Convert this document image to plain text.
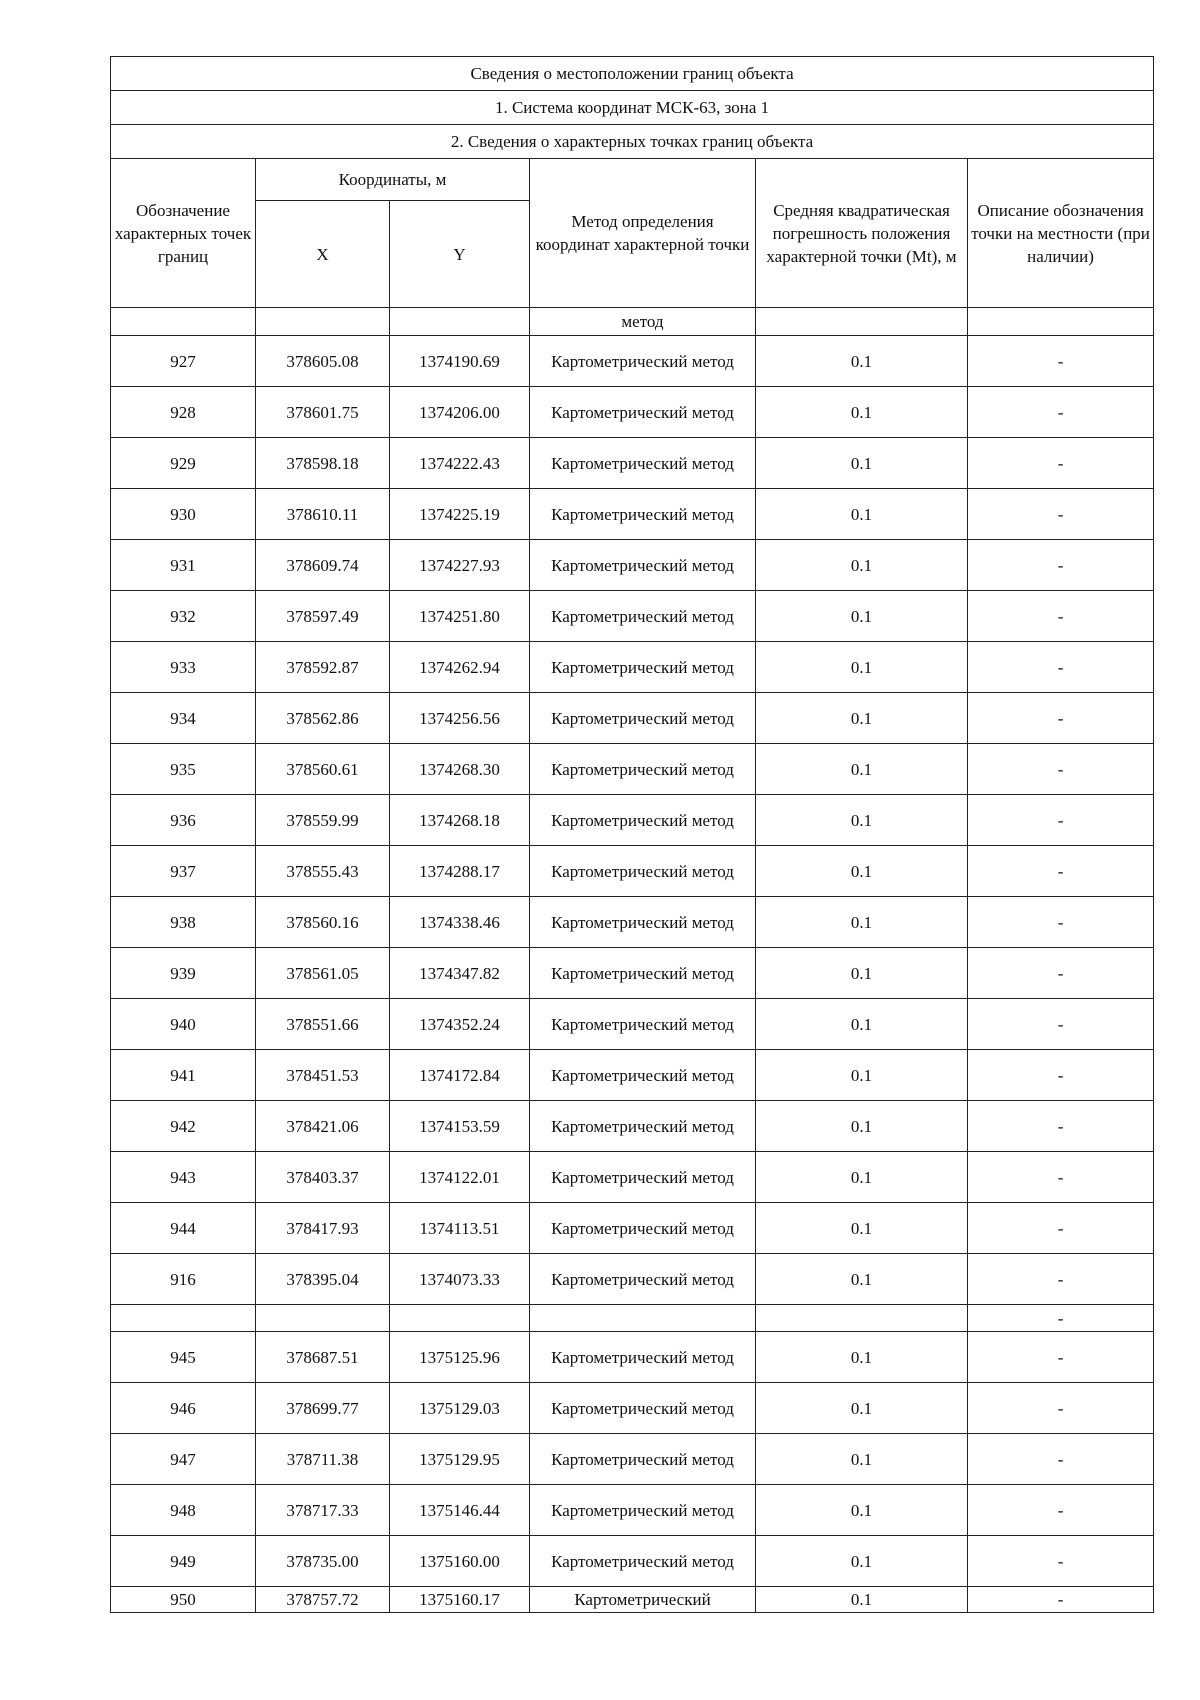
Сведения о местоположении границ объекта					
1. Система координат МСК-63, зона 1					
2. Сведения о характерных точках границ объекта					
Обозначение характерных точек границ	Координаты, м		Метод определения координат характерной точки	Средняя квадратическая погрешность положения характерной точки (Mt), м	Описание обозначения точки на местности (при наличии)
	X	Y			
			метод		
927	378605.08	1374190.69	Картометрический метод	0.1	-
928	378601.75	1374206.00	Картометрический метод	0.1	-
929	378598.18	1374222.43	Картометрический метод	0.1	-
930	378610.11	1374225.19	Картометрический метод	0.1	-
931	378609.74	1374227.93	Картометрический метод	0.1	-
932	378597.49	1374251.80	Картометрический метод	0.1	-
933	378592.87	1374262.94	Картометрический метод	0.1	-
934	378562.86	1374256.56	Картометрический метод	0.1	-
935	378560.61	1374268.30	Картометрический метод	0.1	-
936	378559.99	1374268.18	Картометрический метод	0.1	-
937	378555.43	1374288.17	Картометрический метод	0.1	-
938	378560.16	1374338.46	Картометрический метод	0.1	-
939	378561.05	1374347.82	Картометрический метод	0.1	-
940	378551.66	1374352.24	Картометрический метод	0.1	-
941	378451.53	1374172.84	Картометрический метод	0.1	-
942	378421.06	1374153.59	Картометрический метод	0.1	-
943	378403.37	1374122.01	Картометрический метод	0.1	-
944	378417.93	1374113.51	Картометрический метод	0.1	-
916	378395.04	1374073.33	Картометрический метод	0.1	-
					-
945	378687.51	1375125.96	Картометрический метод	0.1	-
946	378699.77	1375129.03	Картометрический метод	0.1	-
947	378711.38	1375129.95	Картометрический метод	0.1	-
948	378717.33	1375146.44	Картометрический метод	0.1	-
949	378735.00	1375160.00	Картометрический метод	0.1	-
950	378757.72	1375160.17	Картометрический	0.1	-
